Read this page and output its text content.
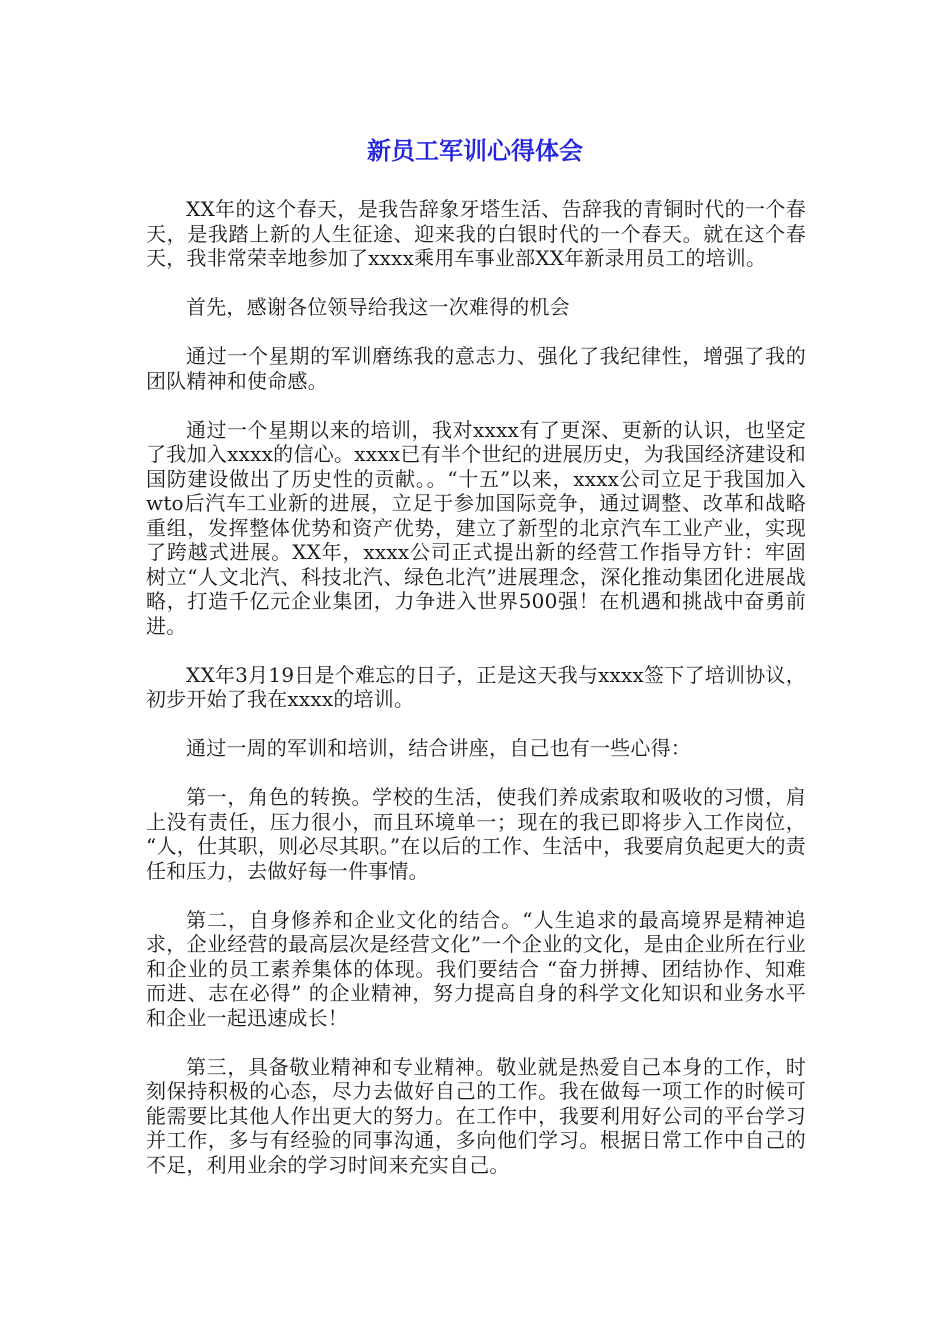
新员工军训心得体会

XX年的这个春天，是我告辞象牙塔生活、告辞我的青铜时代的一个春天，是我踏上新的人生征途、迎来我的白银时代的一个春天。就在这个春天，我非常荣幸地参加了xxxx乘用车事业部XX年新录用员工的培训。

首先，感谢各位领导给我这一次难得的机会

通过一个星期的军训磨练我的意志力、强化了我纪律性，增强了我的团队精神和使命感。

通过一个星期以来的培训，我对xxxx有了更深、更新的认识，也坚定了我加入xxxx的信心。xxxx已有半个世纪的进展历史，为我国经济建设和国防建设做出了历史性的贡献。。“十五”以来，xxxx公司立足于我国加入wto后汽车工业新的进展，立足于参加国际竞争，通过调整、改革和战略重组，发挥整体优势和资产优势，建立了新型的北京汽车工业产业，实现了跨越式进展。XX年，xxxx公司正式提出新的经营工作指导方针：牢固树立“人文北汽、科技北汽、绿色北汽”进展理念，深化推动集团化进展战略，打造千亿元企业集团，力争进入世界500强！在机遇和挑战中奋勇前进。

XX年3月19日是个难忘的日子，正是这天我与xxxx签下了培训协议，初步开始了我在xxxx的培训。

通过一周的军训和培训，结合讲座，自己也有一些心得：

第一，角色的转换。学校的生活，使我们养成索取和吸收的习惯，肩上没有责任，压力很小，而且环境单一；现在的我已即将步入工作岗位， “人，仕其职，则必尽其职。”在以后的工作、生活中，我要肩负起更大的责任和压力，去做好每一件事情。

第二，自身修养和企业文化的结合。“人生追求的最高境界是精神追求，企业经营的最高层次是经营文化”一个企业的文化，是由企业所在行业和企业的员工素养集体的体现。我们要结合 “奋力拼搏、团结协作、知难而进、志在必得” 的企业精神，努力提高自身的科学文化知识和业务水平和企业一起迅速成长！

第三，具备敬业精神和专业精神。敬业就是热爱自己本身的工作，时刻保持积极的心态，尽力去做好自己的工作。我在做每一项工作的时候可能需要比其他人作出更大的努力。在工作中，我要利用好公司的平台学习并工作，多与有经验的同事沟通，多向他们学习。根据日常工作中自己的不足，利用业余的学习时间来充实自己。
